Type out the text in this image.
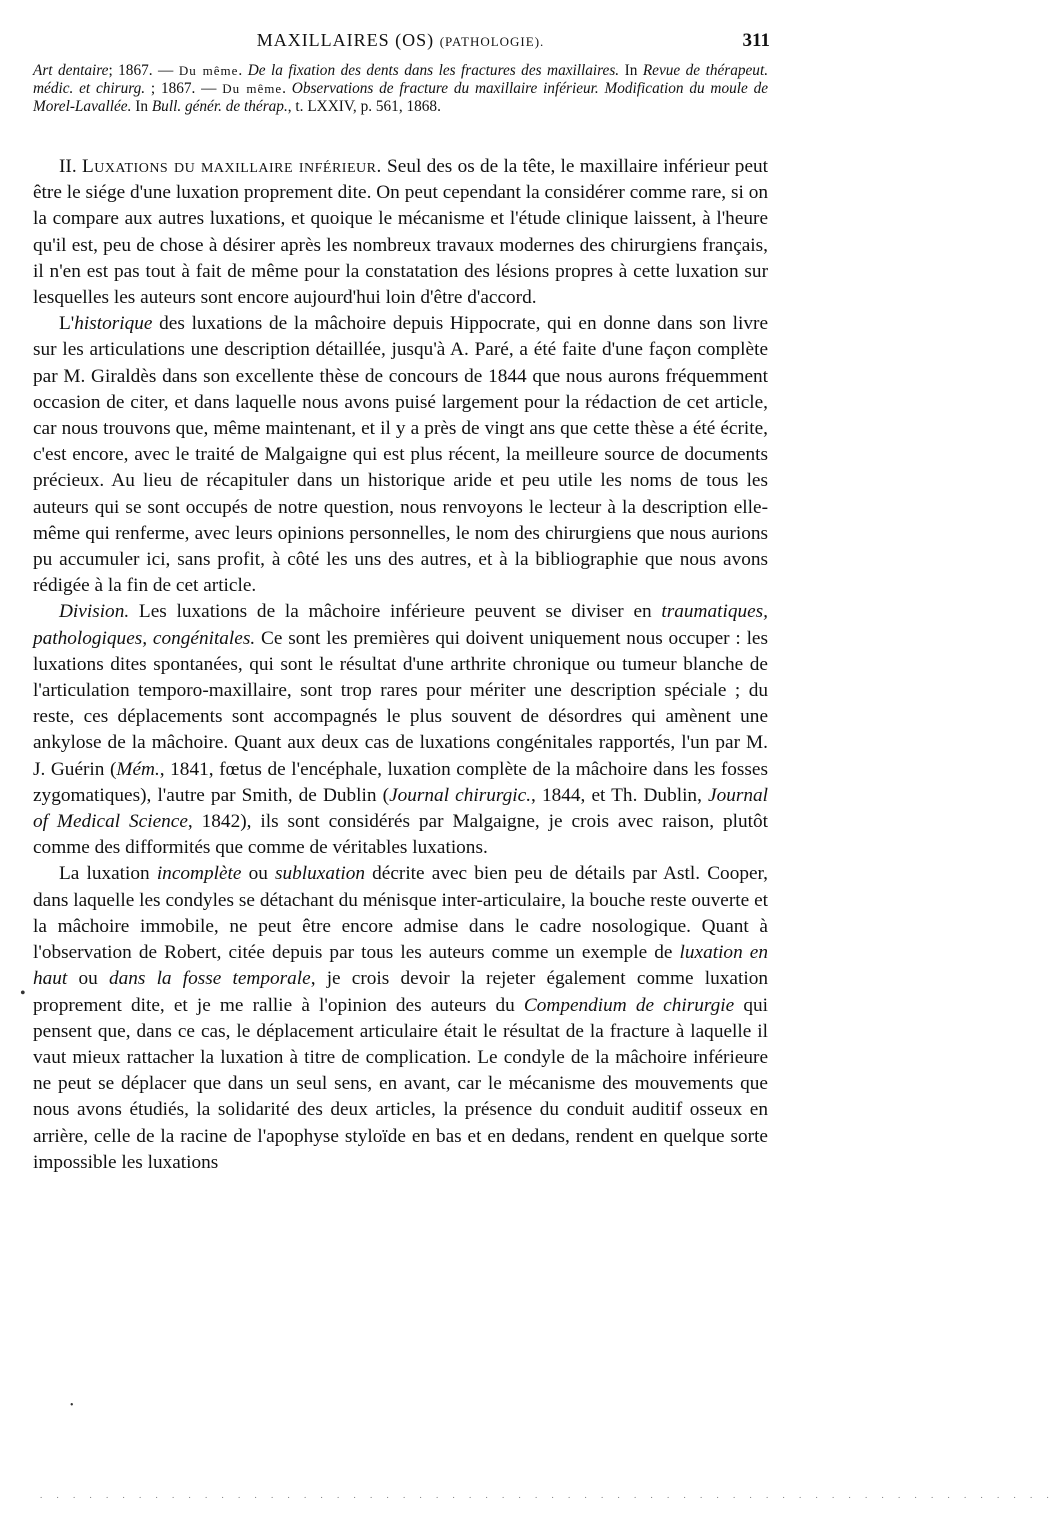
MAXILLAIRES (OS) (PATHOLOGIE).	311

Art dentaire; 1867. — Du même. De la fixation des dents dans les fractures des maxillaires. In Revue de thérapeut. médic. et chirurg. ; 1867. — Du même. Observations de fracture du maxillaire inférieur. Modification du moule de Morel-Lavallée. In Bull. génér. de thérap., t. LXXIV, p. 561, 1868.

II. Luxations du maxillaire inférieur. Seul des os de la tête, le maxillaire inférieur peut être le siége d'une luxation proprement dite. On peut cependant la considérer comme rare, si on la compare aux autres luxations, et quoique le mécanisme et l'étude clinique laissent, à l'heure qu'il est, peu de chose à désirer après les nombreux travaux modernes des chirurgiens français, il n'en est pas tout à fait de même pour la constatation des lésions propres à cette luxation sur lesquelles les auteurs sont encore aujourd'hui loin d'être d'accord.

L'historique des luxations de la mâchoire depuis Hippocrate, qui en donne dans son livre sur les articulations une description détaillée, jusqu'à A. Paré, a été faite d'une façon complète par M. Giraldès dans son excellente thèse de concours de 1844 que nous aurons fréquemment occasion de citer, et dans laquelle nous avons puisé largement pour la rédaction de cet article, car nous trouvons que, même maintenant, et il y a près de vingt ans que cette thèse a été écrite, c'est encore, avec le traité de Malgaigne qui est plus récent, la meilleure source de documents précieux. Au lieu de récapituler dans un historique aride et peu utile les noms de tous les auteurs qui se sont occupés de notre question, nous renvoyons le lecteur à la description elle-même qui renferme, avec leurs opinions personnelles, le nom des chirurgiens que nous aurions pu accumuler ici, sans profit, à côté les uns des autres, et à la bibliographie que nous avons rédigée à la fin de cet article.

Division. Les luxations de la mâchoire inférieure peuvent se diviser en traumatiques, pathologiques, congénitales. Ce sont les premières qui doivent uniquement nous occuper : les luxations dites spontanées, qui sont le résultat d'une arthrite chronique ou tumeur blanche de l'articulation temporo-maxillaire, sont trop rares pour mériter une description spéciale ; du reste, ces déplacements sont accompagnés le plus souvent de désordres qui amènent une ankylose de la mâchoire. Quant aux deux cas de luxations congénitales rapportés, l'un par M. J. Guérin (Mém., 1841, fœtus de l'encéphale, luxation complète de la mâchoire dans les fosses zygomatiques), l'autre par Smith, de Dublin (Journal chirurgic., 1844, et Th. Dublin, Journal of Medical Science, 1842), ils sont considérés par Malgaigne, je crois avec raison, plutôt comme des difformités que comme de véritables luxations.

La luxation incomplète ou subluxation décrite avec bien peu de détails par Astl. Cooper, dans laquelle les condyles se détachant du ménisque inter-articulaire, la bouche reste ouverte et la mâchoire immobile, ne peut être encore admise dans le cadre nosologique. Quant à l'observation de Robert, citée depuis par tous les auteurs comme un exemple de luxation en haut ou dans la fosse temporale, je crois devoir la rejeter également comme luxation proprement dite, et je me rallie à l'opinion des auteurs du Compendium de chirurgie qui pensent que, dans ce cas, le déplacement articulaire était le résultat de la fracture à laquelle il vaut mieux rattacher la luxation à titre de complication. Le condyle de la mâchoire inférieure ne peut se déplacer que dans un seul sens, en avant, car le mécanisme des mouvements que nous avons étudiés, la solidarité des deux articles, la présence du conduit auditif osseux en arrière, celle de la racine de l'apophyse styloïde en bas et en dedans, rendent en quelque sorte impossible les luxations

•
•
. . . . . . . . . . . . . . . . . . . . . . . . . . . . . . . . . . . . . . . . . . . . . . . . . . . . . . . . . . . . . .
